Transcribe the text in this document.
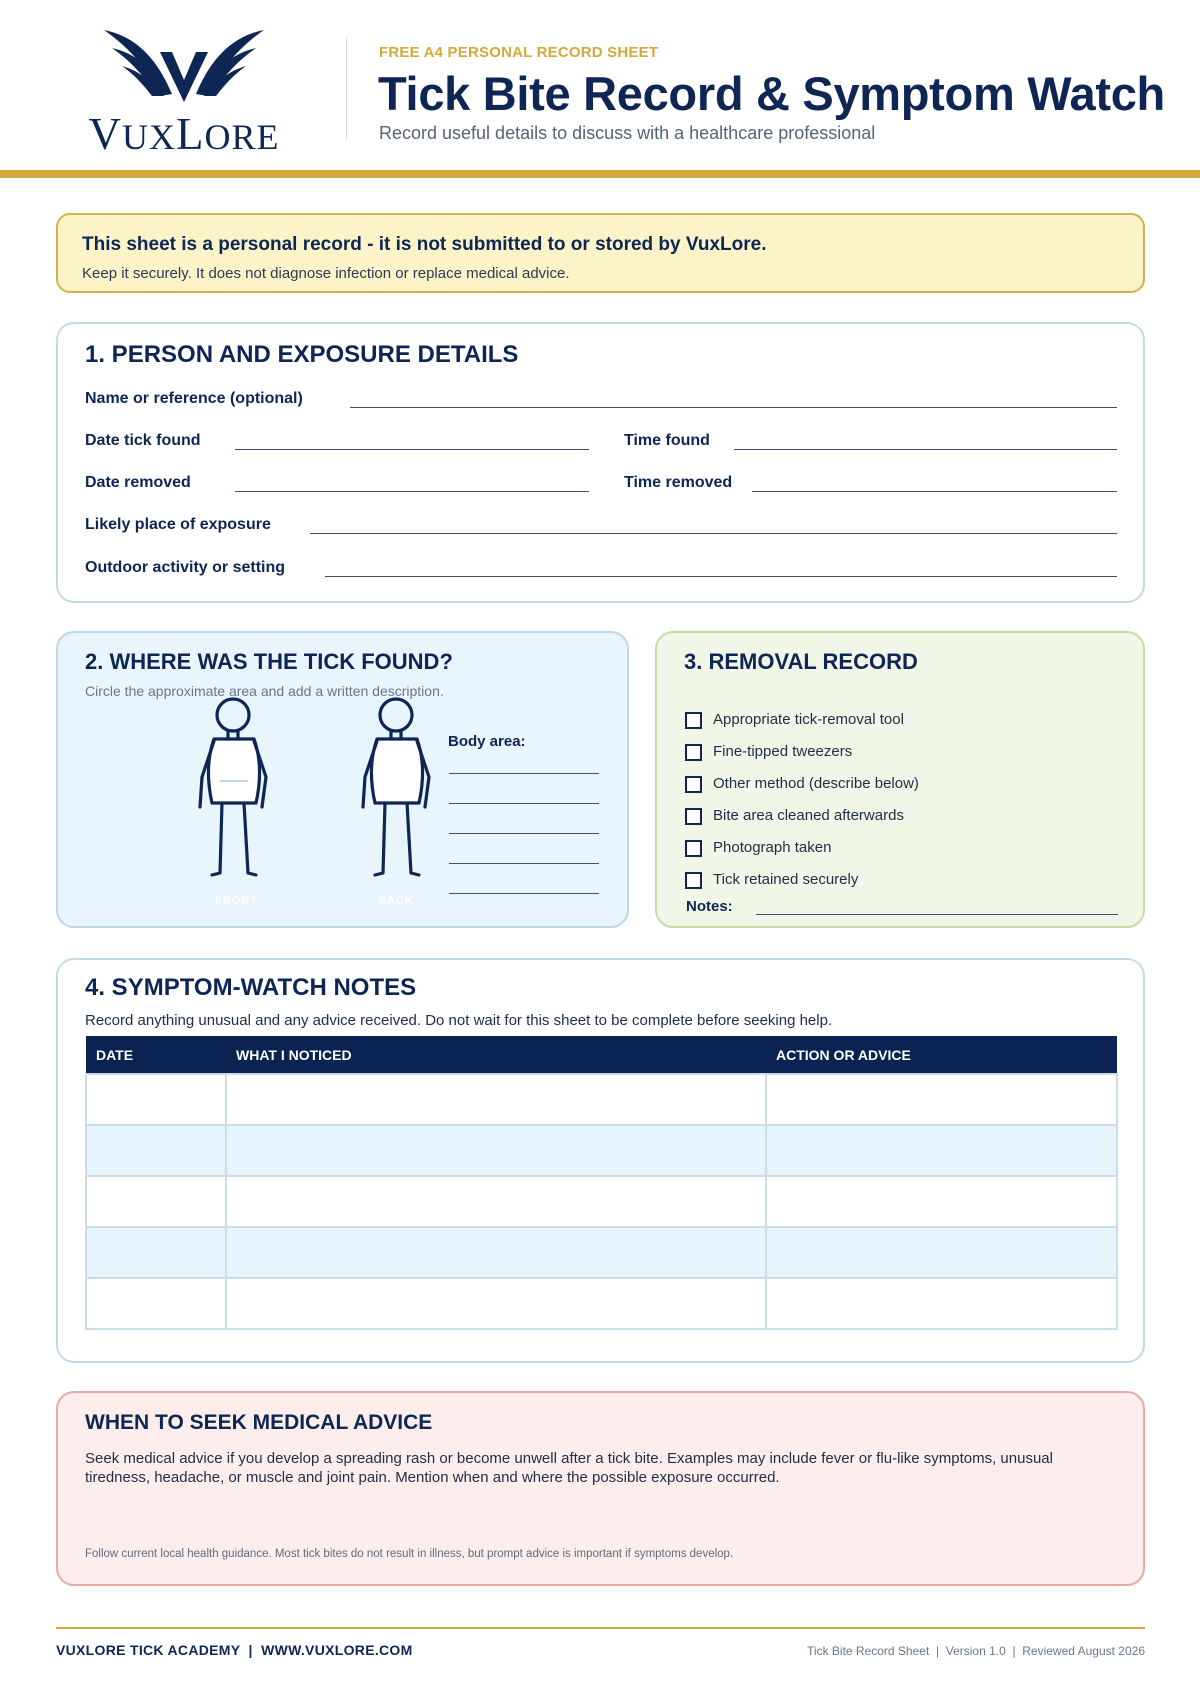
VUXLORE
FREE A4 PERSONAL RECORD SHEET
Tick Bite Record & Symptom Watch
Record useful details to discuss with a healthcare professional
This sheet is a personal record - it is not submitted to or stored by VuxLore.
Keep it securely. It does not diagnose infection or replace medical advice.
1. PERSON AND EXPOSURE DETAILS
Name or reference (optional)
Date tick found	Time found
Date removed	Time removed
Likely place of exposure
Outdoor activity or setting
2. WHERE WAS THE TICK FOUND?
Circle the approximate area and add a written description.
FRONT	BACK
Body area:
3. REMOVAL RECORD
Appropriate tick-removal tool
Fine-tipped tweezers
Other method (describe below)
Bite area cleaned afterwards
Photograph taken
Tick retained securely
Notes:
4. SYMPTOM-WATCH NOTES
Record anything unusual and any advice received. Do not wait for this sheet to be complete before seeking help.
DATE	WHAT I NOTICED	ACTION OR ADVICE

WHEN TO SEEK MEDICAL ADVICE
Seek medical advice if you develop a spreading rash or become unwell after a tick bite. Examples may include fever or flu-like symptoms, unusual tiredness, headache, or muscle and joint pain. Mention when and where the possible exposure occurred.
Follow current local health guidance. Most tick bites do not result in illness, but prompt advice is important if symptoms develop.
VUXLORE TICK ACADEMY  |  WWW.VUXLORE.COM	Tick Bite Record Sheet  |  Version 1.0  |  Reviewed August 2026
